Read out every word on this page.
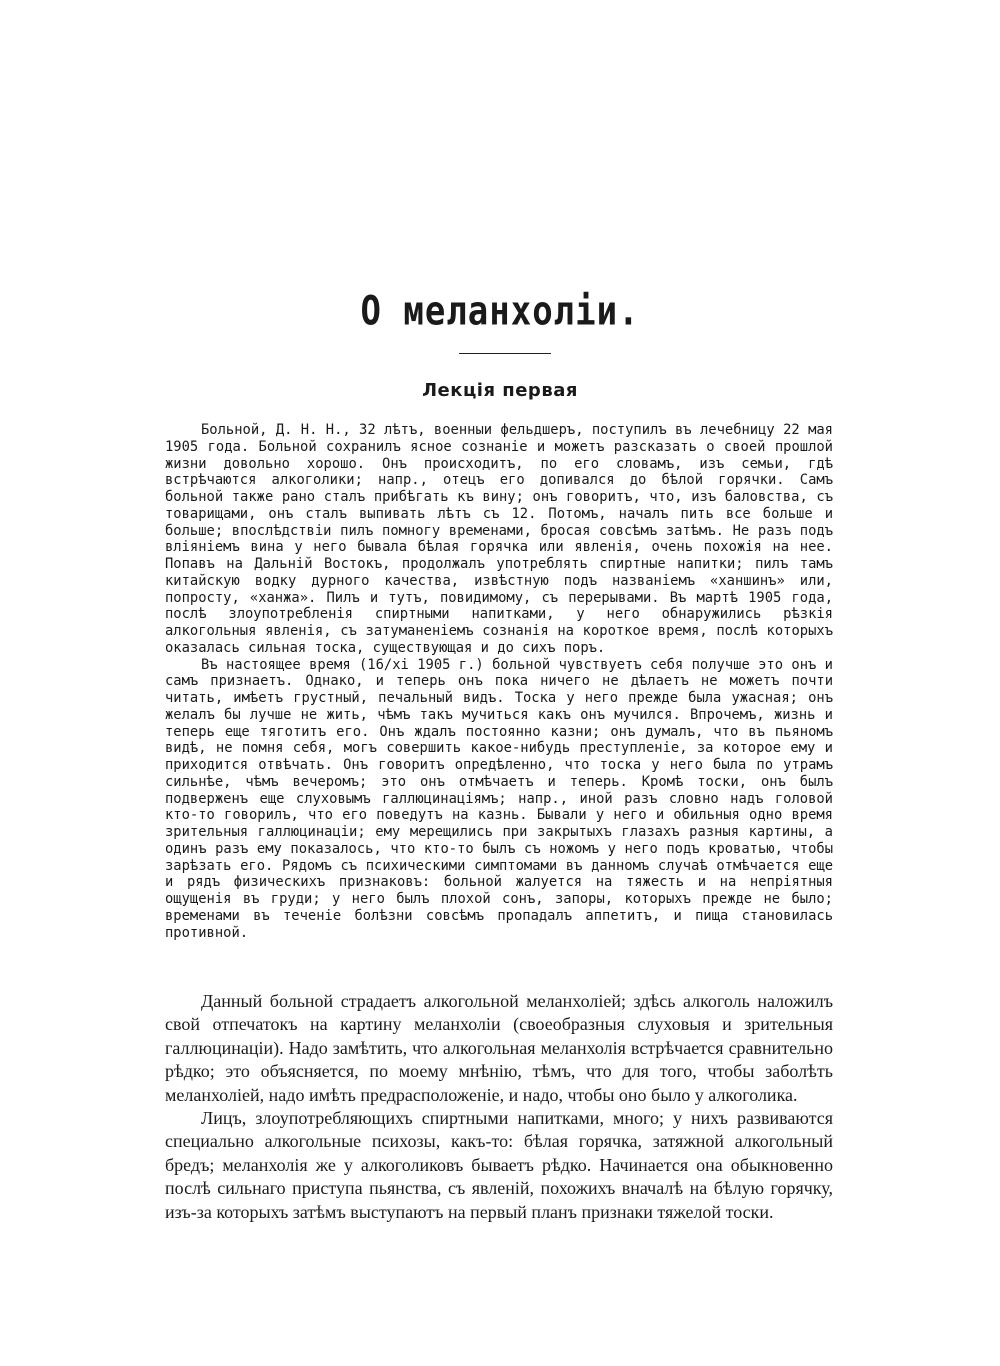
О меланхоліи.
Лекція первая

Больной, Д. Н. Н., 32 лѣтъ, военныи фельдшеръ, поступилъ въ лечебницу 22 мая 1905 года. Больной сохранилъ ясное сознаніе и можетъ разсказать о своей прошлой жизни довольно хорошо. Онъ происходитъ, по его словамъ, изъ семьи, гдѣ встрѣчаются алкоголики; напр., отецъ его допивался до бѣлой горячки. Самъ больной также рано сталъ прибѣгать къ вину; онъ говоритъ, что, изъ баловства, съ товарищами, онъ сталъ выпивать лѣтъ съ 12. Потомъ, началъ пить все больше и больше; впослѣдствіи пилъ помногу временами, бросая совсѣмъ затѣмъ. Не разъ подъ вліяніемъ вина у него бывала бѣлая горячка или явленія, очень похожія на нее. Попавъ на Дальній Востокъ, продолжалъ употреблять спиртные напитки; пилъ тамъ китайскую водку дурного качества, извѣстную подъ названіемъ «ханшинъ» или, попросту, «ханжа». Пилъ и тутъ, повидимому, съ перерывами. Въ мартѣ 1905 года, послѣ злоупотребленія спиртными напитками, у него обнаружились рѣзкія алкогольныя явленія, съ затуманеніемъ сознанія на короткое время, послѣ которыхъ оказалась сильная тоска, существующая и до сихъ поръ.

Въ настоящее время (16/xi 1905 г.) больной чувствуетъ себя получше это онъ и самъ признаетъ. Однако, и теперь онъ пока ничего не дѣлаетъ не можетъ почти читать, имѣетъ грустный, печальный видъ. Тоска у него прежде была ужасная; онъ желалъ бы лучше не жить, чѣмъ такъ мучиться какъ онъ мучился. Впрочемъ, жизнь и теперь еще тяготитъ его. Онъ ждалъ постоянно казни; онъ думалъ, что въ пьяномъ видѣ, не помня себя, могъ совершить какое-нибудь преступленіе, за которое ему и приходится отвѣчать. Онъ говоритъ опредѣленно, что тоска у него была по утрамъ сильнѣе, чѣмъ вечеромъ; это онъ отмѣчаетъ и теперь. Кромѣ тоски, онъ былъ подверженъ еще слуховымъ галлюцинаціямъ; напр., иной разъ словно надъ головой кто-то говорилъ, что его поведутъ на казнь. Бывали у него и обильныя одно время зрительныя галлюцинаціи; ему мерещились при закрытыхъ глазахъ разныя картины, а одинъ разъ ему показалось, что кто-то былъ съ ножомъ у него подъ кроватью, чтобы зарѣзать его. Рядомъ съ психическими симптомами въ данномъ случаѣ отмѣчается еще и рядъ физическихъ признаковъ: больной жалуется на тяжесть и на непріятныя ощущенія въ груди; у него былъ плохой сонъ, запоры, которыхъ прежде не было; временами въ теченіе болѣзни совсѣмъ пропадалъ аппетитъ, и пища становилась противной.

Данный больной страдаетъ алкогольной меланхоліей; здѣсь алкоголь наложилъ свой отпечатокъ на картину меланхоліи (своеобразныя слуховыя и зрительныя галлюцинаціи). Надо замѣтить, что алкогольная меланхолія встрѣчается сравнительно рѣдко; это объясняется, по моему мнѣнію, тѣмъ, что для того, чтобы заболѣть меланхоліей, надо имѣть предрасположеніе, и надо, чтобы оно было у алкоголика.

Лицъ, злоупотребляющихъ спиртными напитками, много; у нихъ развиваются специально алкогольные психозы, какъ-то: бѣлая горячка, затяжной алкогольный бредъ; меланхолія же у алкоголиковъ бываетъ рѣдко. Начинается она обыкновенно послѣ сильнаго приступа пьянства, съ явленій, похожихъ вначалѣ на бѣлую горячку, изъ-за которыхъ затѣмъ выступаютъ на первый планъ признаки тяжелой тоски.
